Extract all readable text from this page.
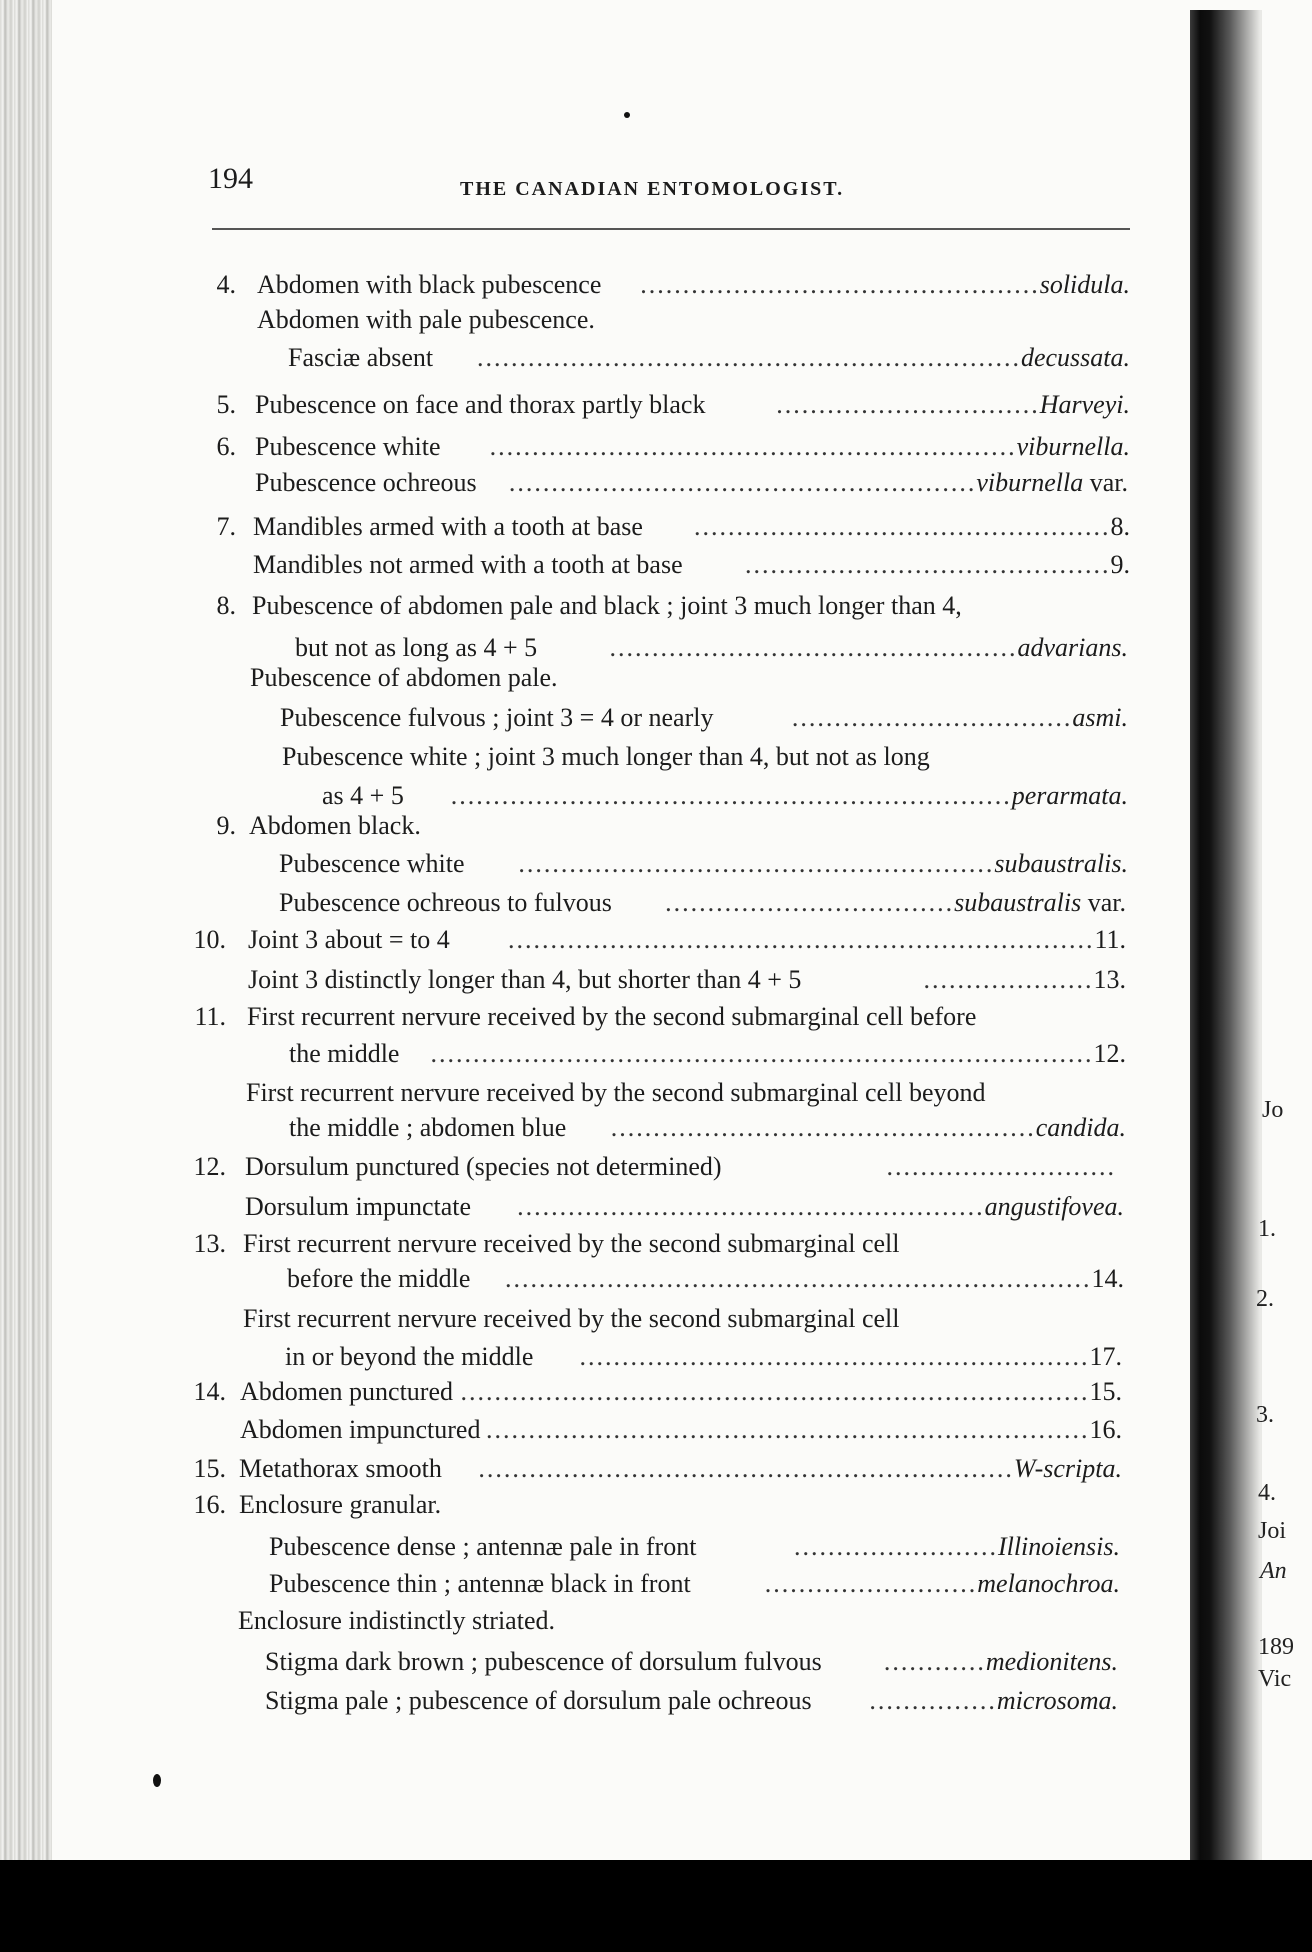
194	THE CANADIAN ENTOMOLOGIST.
4. Abdomen with black pubescence ...............................................solidula.
Abdomen with pale pubescence.
Fasciæ absent ................................................................decussata.
5. Pubescence on face and thorax partly black	...............................Harveyi.
6. Pubescence white ..............................................................viburnella.
Pubescence ochreous .......................................................viburnella var.
7. Mandibles armed with a tooth at base .................................................8.
Mandibles not armed with a tooth at base ...........................................9.
8. Pubescence of abdomen pale and black ; joint 3 much longer than 4,
but not as long as 4 + 5	................................................advarians.
Pubescence of abdomen pale.
Pubescence fulvous ; joint 3 = 4 or nearly	.................................asmi.
Pubescence white ; joint 3 much longer than 4, but not as long
as 4 + 5 ..................................................................perarmata.
9. Abdomen black.
Pubescence white ........................................................subaustralis.
Pubescence ochreous to fulvous ..................................subaustralis var.
10. Joint 3 about = to 4 .....................................................................11.
Joint 3 distinctly longer than 4, but shorter than 4 + 5	....................13.
11. First recurrent nervure received by the second submarginal cell before
the middle ..............................................................................12.
First recurrent nervure received by the second submarginal cell beyond
the middle ; abdomen blue ..................................................candida.
12. Dorsulum punctured (species not determined)	...........................
Dorsulum impunctate .......................................................angustifovea.
13. First recurrent nervure received by the second submarginal cell
before the middle .....................................................................14.
First recurrent nervure received by the second submarginal cell
in or beyond the middle ............................................................17.
14. Abdomen punctured ..........................................................................15.
Abdomen impunctured .......................................................................16.
15. Metathorax smooth ...............................................................W-scripta.
16. Enclosure granular.
Pubescence dense ; antennæ pale in front	........................Illinoiensis.
Pubescence thin ; antennæ black in front	.........................melanochroa.
Enclosure indistinctly striated.
Stigma dark brown ; pubescence of dorsulum fulvous ............medionitens.
Stigma pale ; pubescence of dorsulum pale ochreous ...............microsoma.
Jo
1.
2.
3.
4.
Joi
An
189
Vic
